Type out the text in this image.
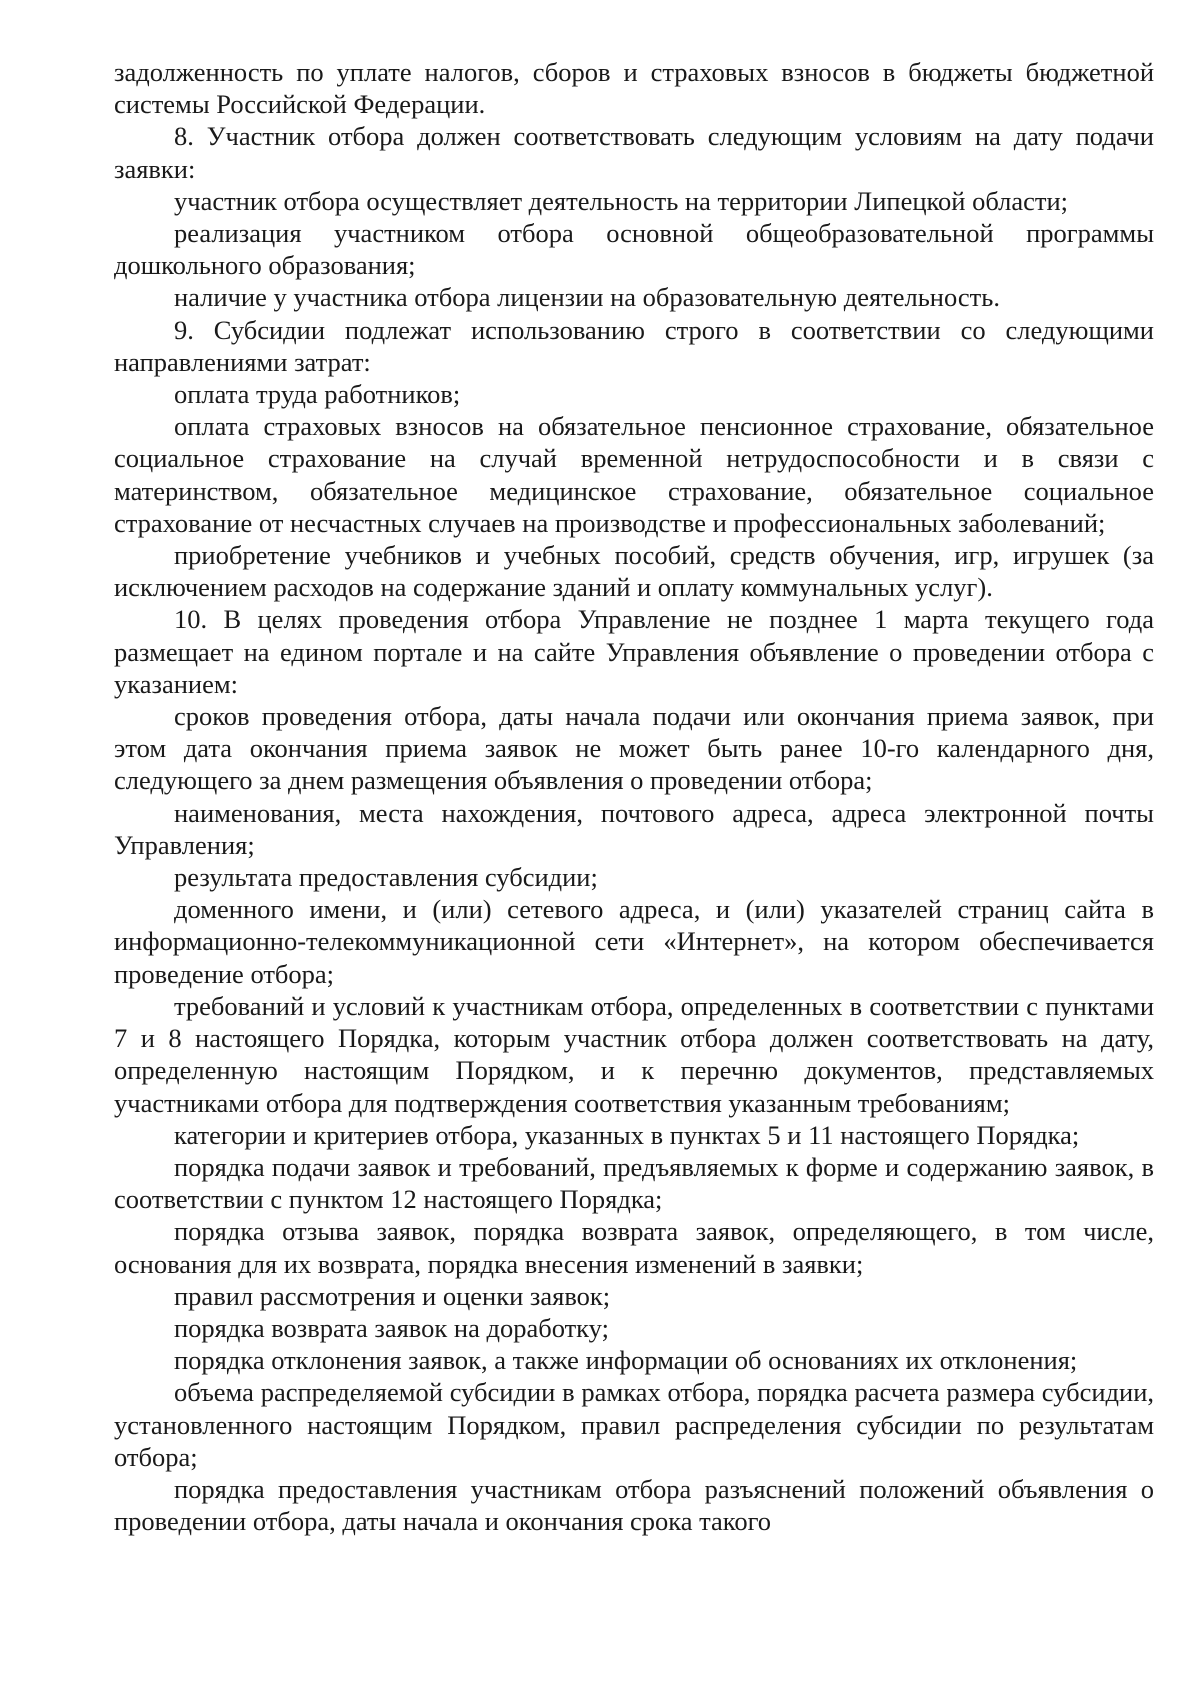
задолженность по уплате налогов, сборов и страховых взносов в бюджеты бюджетной системы Российской Федерации.

8. Участник отбора должен соответствовать следующим условиям на дату подачи заявки:

участник отбора осуществляет деятельность на территории Липецкой области;

реализация участником отбора основной общеобразовательной программы дошкольного образования;

наличие у участника отбора лицензии на образовательную деятельность.

9. Субсидии подлежат использованию строго в соответствии со следующими направлениями затрат:

оплата труда работников;

оплата страховых взносов на обязательное пенсионное страхование, обязательное социальное страхование на случай временной нетрудоспособности и в связи с материнством, обязательное медицинское страхование, обязательное социальное страхование от несчастных случаев на производстве и профессиональных заболеваний;

приобретение учебников и учебных пособий, средств обучения, игр, игрушек (за исключением расходов на содержание зданий и оплату коммунальных услуг).

10. В целях проведения отбора Управление не позднее 1 марта текущего года размещает на едином портале и на сайте Управления объявление о проведении отбора с указанием:

сроков проведения отбора, даты начала подачи или окончания приема заявок, при этом дата окончания приема заявок не может быть ранее 10-го календарного дня, следующего за днем размещения объявления о проведении отбора;

наименования, места нахождения, почтового адреса, адреса электронной почты Управления;

результата предоставления субсидии;

доменного имени, и (или) сетевого адреса, и (или) указателей страниц сайта в информационно-телекоммуникационной сети «Интернет», на котором обеспечивается проведение отбора;

требований и условий к участникам отбора, определенных в соответствии с пунктами 7 и 8 настоящего Порядка, которым участник отбора должен соответствовать на дату, определенную настоящим Порядком, и к перечню документов, представляемых участниками отбора для подтверждения соответствия указанным требованиям;

категории и критериев отбора, указанных в пунктах 5 и 11 настоящего Порядка;

порядка подачи заявок и требований, предъявляемых к форме и содержанию заявок, в соответствии с пунктом 12 настоящего Порядка;

порядка отзыва заявок, порядка возврата заявок, определяющего, в том числе, основания для их возврата, порядка внесения изменений в заявки;

правил рассмотрения и оценки заявок;

порядка возврата заявок на доработку;

порядка отклонения заявок, а также информации об основаниях их отклонения;

объема распределяемой субсидии в рамках отбора, порядка расчета размера субсидии, установленного настоящим Порядком, правил распределения субсидии по результатам отбора;

порядка предоставления участникам отбора разъяснений положений объявления о проведении отбора, даты начала и окончания срока такого
